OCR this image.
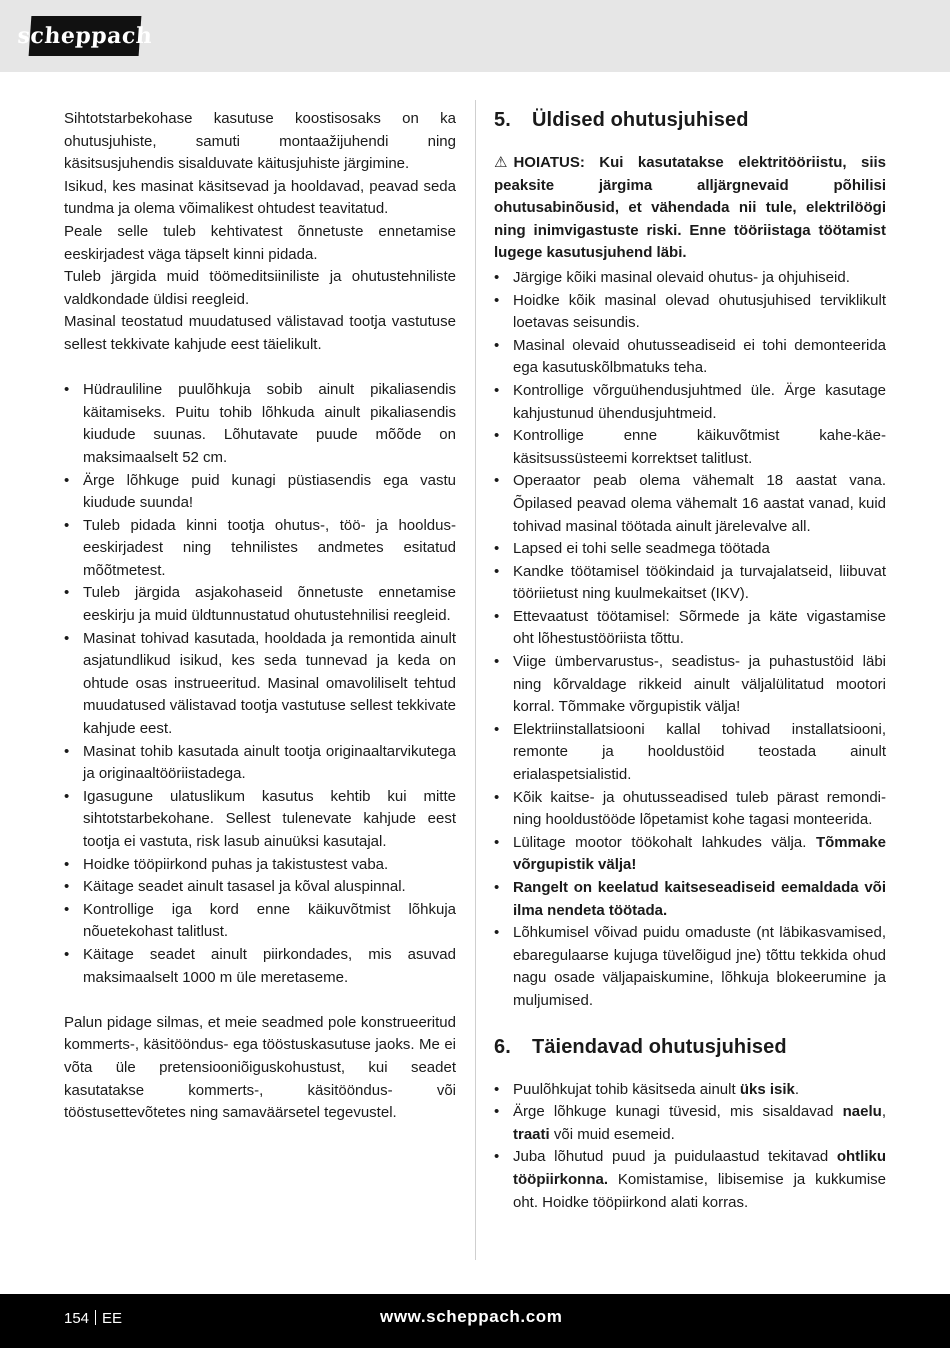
scheppach

Sihtotstarbekohase kasutuse koostisosaks on ka ohutusjuhiste, samuti montaažijuhendi ning käsitsusjuhendis sisalduvate käitusjuhiste järgimine.

Isikud, kes masinat käsitsevad ja hooldavad, peavad seda tundma ja olema võimalikest ohtudest teavitatud.

Peale selle tuleb kehtivatest õnnetuste ennetamise eeskirjadest väga täpselt kinni pidada.

Tuleb järgida muid töömeditsiiniliste ja ohutustehniliste valdkondade üldisi reegleid.

Masinal teostatud muudatused välistavad tootja vastutuse sellest tekkivate kahjude eest täielikult.

• Hüdrauliline puulõhkuja sobib ainult pikaliasendis käitamiseks. Puitu tohib lõhkuda ainult pikaliasendis kiudude suunas. Lõhutavate puude mõõde on maksimaalselt 52 cm.
• Ärge lõhkuge puid kunagi püstiasendis ega vastu kiudude suunda!
• Tuleb pidada kinni tootja ohutus-, töö- ja hoolduseeskirjadest ning tehnilistes andmetes esitatud mõõtmetest.
• Tuleb järgida asjakohaseid õnnetuste ennetamise eeskirju ja muid üldtunnustatud ohutustehnilisi reegleid.
• Masinat tohivad kasutada, hooldada ja remontida ainult asjatundlikud isikud, kes seda tunnevad ja keda on ohtude osas instrueeritud. Masinal omavoliliselt tehtud muudatused välistavad tootja vastutuse sellest tekkivate kahjude eest.
• Masinat tohib kasutada ainult tootja originaaltarvikutega ja originaaltööriistadega.
• Igasugune ulatuslikum kasutus kehtib kui mitte sihtotstarbekohane. Sellest tulenevate kahjude eest tootja ei vastuta, risk lasub ainuüksi kasutajal.
• Hoidke tööpiirkond puhas ja takistustest vaba.
• Käitage seadet ainult tasasel ja kõval aluspinnal.
• Kontrollige iga kord enne käikuvõtmist lõhkuja nõuetekohast talitlust.
• Käitage seadet ainult piirkondades, mis asuvad maksimaalselt 1000 m üle meretaseme.

Palun pidage silmas, et meie seadmed pole konstrueeritud kommerts-, käsitööndus- ega tööstuskasutuse jaoks. Me ei võta üle pretensiooniõiguskohustust, kui seadet kasutatakse kommerts-, käsitööndus- või tööstusettevõtetes ning samaväärsetel tegevustel.

5. Üldised ohutusjuhised

⚠ HOIATUS: Kui kasutatakse elektritööriistu, siis peaksite järgima alljärgnevaid põhilisi ohutusabinõusid, et vähendada nii tule, elektrilöögi ning inimvigastuste riski. Enne tööriistaga töötamist lugege kasutusjuhend läbi.

• Järgige kõiki masinal olevaid ohutus- ja ohjuhiseid.
• Hoidke kõik masinal olevad ohutusjuhised terviklikult loetavas seisundis.
• Masinal olevaid ohutusseadiseid ei tohi demonteerida ega kasutuskõlbmatuks teha.
• Kontrollige võrguühendusjuhtmed üle. Ärge kasutage kahjustunud ühendusjuhtmeid.
• Kontrollige enne käikuvõtmist kahe-käe-käsitsussüsteemi korrektset talitlust.
• Operaator peab olema vähemalt 18 aastat vana. Õpilased peavad olema vähemalt 16 aastat vanad, kuid tohivad masinal töötada ainult järelevalve all.
• Lapsed ei tohi selle seadmega töötada
• Kandke töötamisel töökindaid ja turvajalatseid, liibuvat tööriietust ning kuulmekaitset (IKV).
• Ettevaatust töötamisel: Sõrmede ja käte vigastamise oht lõhestustööriista tõttu.
• Viige ümbervarustus-, seadistus- ja puhastustöid läbi ning kõrvaldage rikkeid ainult väljalülitatud mootori korral. Tõmmake võrgupistik välja!
• Elektriinstallatsiooni kallal tohivad installatsiooni, remonte ja hooldustöid teostada ainult erialaspetsialistid.
• Kõik kaitse- ja ohutusseadised tuleb pärast remondi- ning hooldustööde lõpetamist kohe tagasi monteerida.
• Lülitage mootor töökohalt lahkudes välja. Tõmmake võrgupistik välja!
• Rangelt on keelatud kaitseseadiseid eemaldada või ilma nendeta töötada.
• Lõhkumisel võivad puidu omaduste (nt läbikasvamised, ebaregulaarse kujuga tüvelõigud jne) tõttu tekkida ohud nagu osade väljapaiskumine, lõhkuja blokeerumine ja muljumised.
6. Täiendavad ohutusjuhised
• Puulõhkujat tohib käsitseda ainult üks isik.
• Ärge lõhkuge kunagi tüvesid, mis sisaldavad naelu, traati või muid esemeid.
• Juba lõhutud puud ja puidulaastud tekitavad ohtliku tööpiirkonna. Komistamise, libisemise ja kukkumise oht. Hoidke tööpiirkond alati korras.
154 EE	www.scheppach.com
